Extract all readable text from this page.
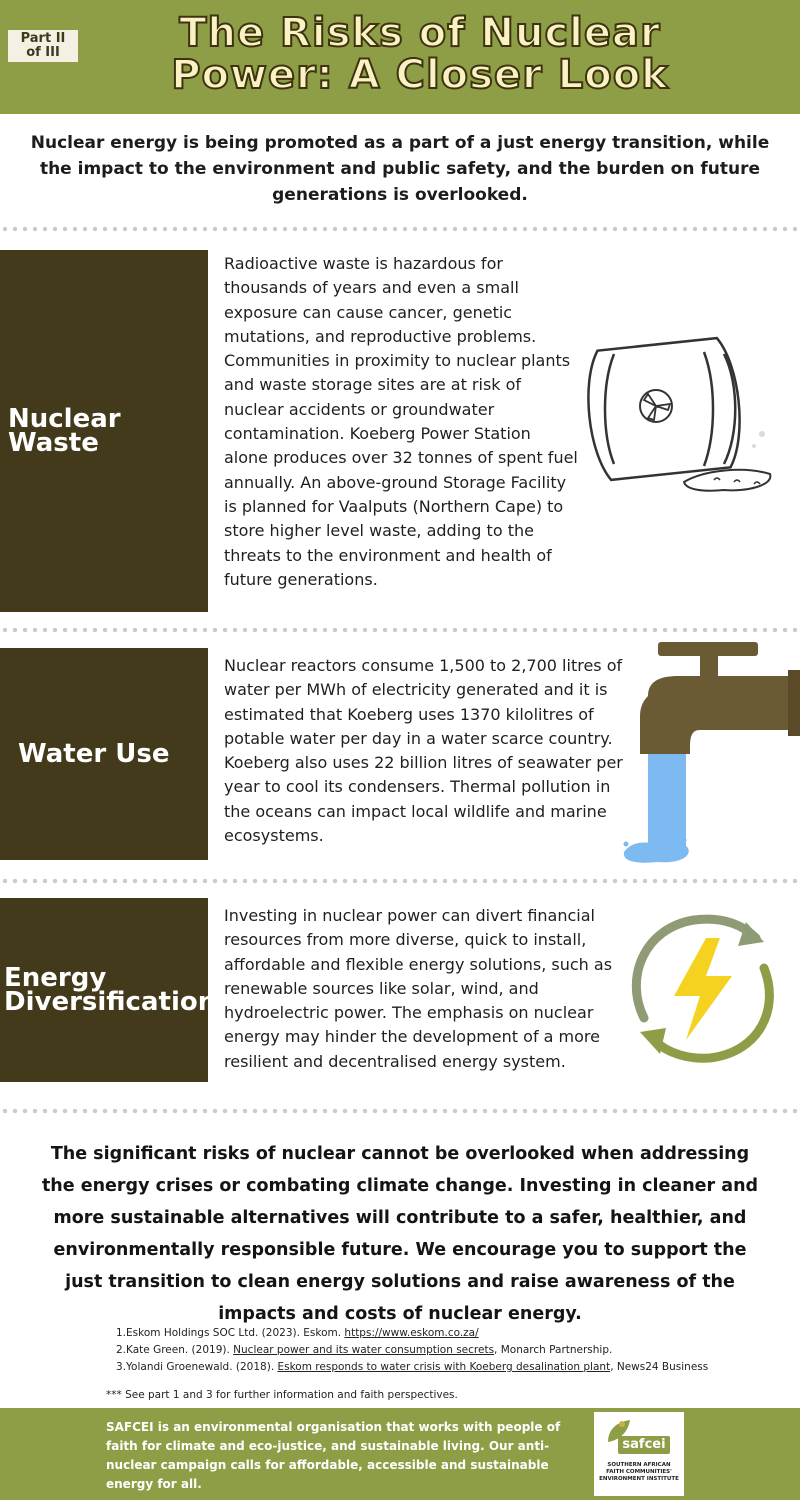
Part II
of III	The Risks of Nuclear
Power: A Closer Look
Nuclear energy is being promoted as a part of a just energy transition, while the impact to the environment and public safety, and the burden on future generations is overlooked.
Nuclear
Waste
Radioactive waste is hazardous for
thousands of years and even a small
exposure can cause cancer, genetic
mutations, and reproductive problems.
Communities in proximity to nuclear plants
and waste storage sites are at risk of
nuclear accidents or groundwater
contamination. Koeberg Power Station
alone produces over 32 tonnes of spent fuel
annually. An above-ground Storage Facility
is planned for Vaalputs (Northern Cape) to
store higher level waste, adding to the
threats to the environment and health of
future generations.
Water Use
Nuclear reactors consume 1,500 to 2,700 litres of
water per MWh of electricity generated and it is
estimated that Koeberg uses 1370 kilolitres of
potable water per day in a water scarce country.
Koeberg also uses 22 billion litres of seawater per
year to cool its condensers. Thermal pollution in
the oceans can impact local wildlife and marine
ecosystems.
Energy
Diversification
Investing in nuclear power can divert financial
resources from more diverse, quick to install,
affordable and flexible energy solutions, such as
renewable sources like solar, wind, and
hydroelectric power. The emphasis on nuclear
energy may hinder the development of a more
resilient and decentralised energy system.
The significant risks of nuclear cannot be overlooked when addressing the energy crises or combating climate change. Investing in cleaner and more sustainable alternatives will contribute to a safer, healthier, and environmentally responsible future. We encourage you to support the just transition to clean energy solutions and raise awareness of the impacts and costs of nuclear energy.
1.Eskom Holdings SOC Ltd. (2023). Eskom. https://www.eskom.co.za/
2.Kate Green. (2019). Nuclear power and its water consumption secrets, Monarch Partnership.
3.Yolandi Groenewald. (2018). Eskom responds to water crisis with Koeberg desalination plant, News24 Business
*** See part 1 and 3 for further information and faith perspectives.
SAFCEI is an environmental organisation that works with people of faith for climate and eco-justice, and sustainable living. Our anti-nuclear campaign calls for affordable, accessible and sustainable energy for all.
safcei
SOUTHERN AFRICAN
FAITH COMMUNITIES'
ENVIRONMENT INSTITUTE
